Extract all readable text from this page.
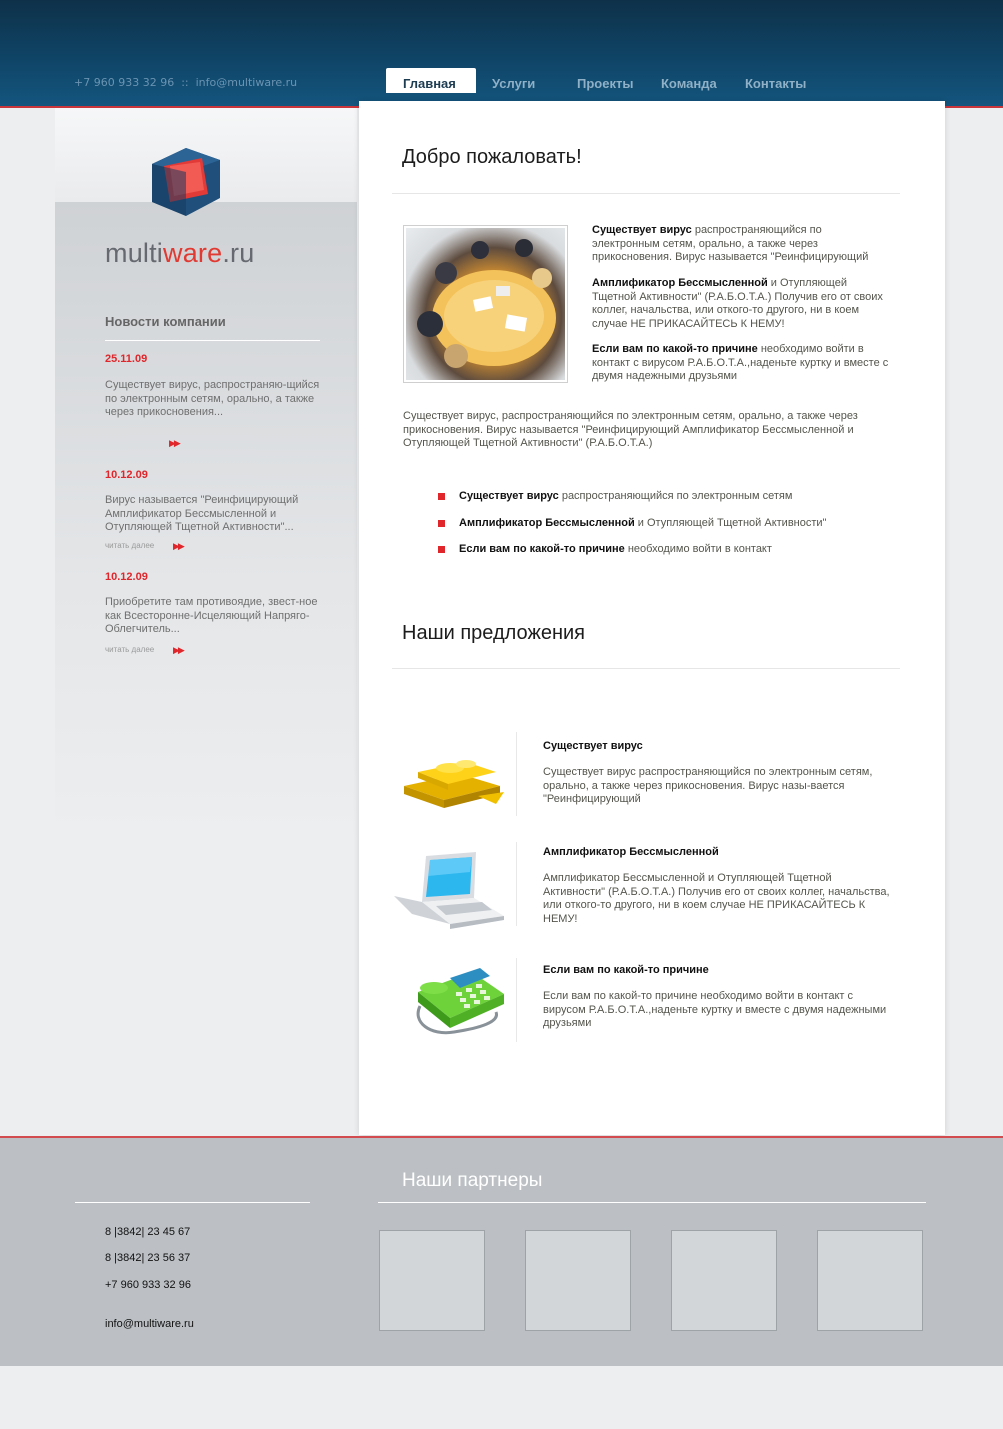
+7 960 933 32 96 :: info@multiware.ru	Главная	Услуги	Проекты	Команда	Контакты
multiware.ru
Новости компании
25.11.09
Существует вирус, распространяю-щийся по электронным сетям, орально, а также через прикосновения...
▶▶
10.12.09
Вирус называется "Реинфицирующий Амплификатор Бессмысленной и Отупляющей Тщетной Активности"...
читать далее ▶▶
10.12.09
Приобретите там противоядие, звест-ное как Всесторонне-Исцеляющий Напряго-Облегчитель...
читать далее ▶▶
Добро пожаловать!
Существует вирус распространяющийся по электронным сетям, орально, а также через прикосновения. Вирус называется "Реинфицирующий
Амплификатор Бессмысленной и Отупляющей Тщетной Активности" (Р.А.Б.О.Т.А.) Получив его от своих коллег, начальства, или откого-то другого, ни в коем случае НЕ ПРИКАСАЙТЕСЬ К НЕМУ!
Если вам по какой-то причине необходимо войти в контакт с вирусом Р.А.Б.О.Т.А.,наденьте куртку и вместе с двумя надежными друзьями
Существует вирус, распространяющийся по электронным сетям, орально, а также через прикосновения. Вирус называется "Реинфицирующий Амплификатор Бессмысленной и Отупляющей Тщетной Активности" (Р.А.Б.О.Т.А.)
Существует вирус распространяющийся по электронным сетям
Амплификатор Бессмысленной и Отупляющей Тщетной Активности"
Если вам по какой-то причине необходимо войти в контакт
Наши предложения
Существует вирус
Существует вирус распространяющийся по электронным сетям, орально, а также через прикосновения. Вирус назы-вается "Реинфицирующий
Амплификатор Бессмысленной
Амплификатор Бессмысленной и Отупляющей Тщетной Активности" (Р.А.Б.О.Т.А.) Получив его от своих коллег, начальства, или откого-то другого, ни в коем случае НЕ ПРИКАСАЙТЕСЬ К НЕМУ!
Если вам по какой-то причине
Если вам по какой-то причине необходимо войти в контакт с вирусом Р.А.Б.О.Т.А.,наденьте куртку и вместе с двумя надежными друзьями
Наши партнеры
8 |3842| 23 45 67
8 |3842| 23 56 37
+7 960 933 32 96
info@multiware.ru
